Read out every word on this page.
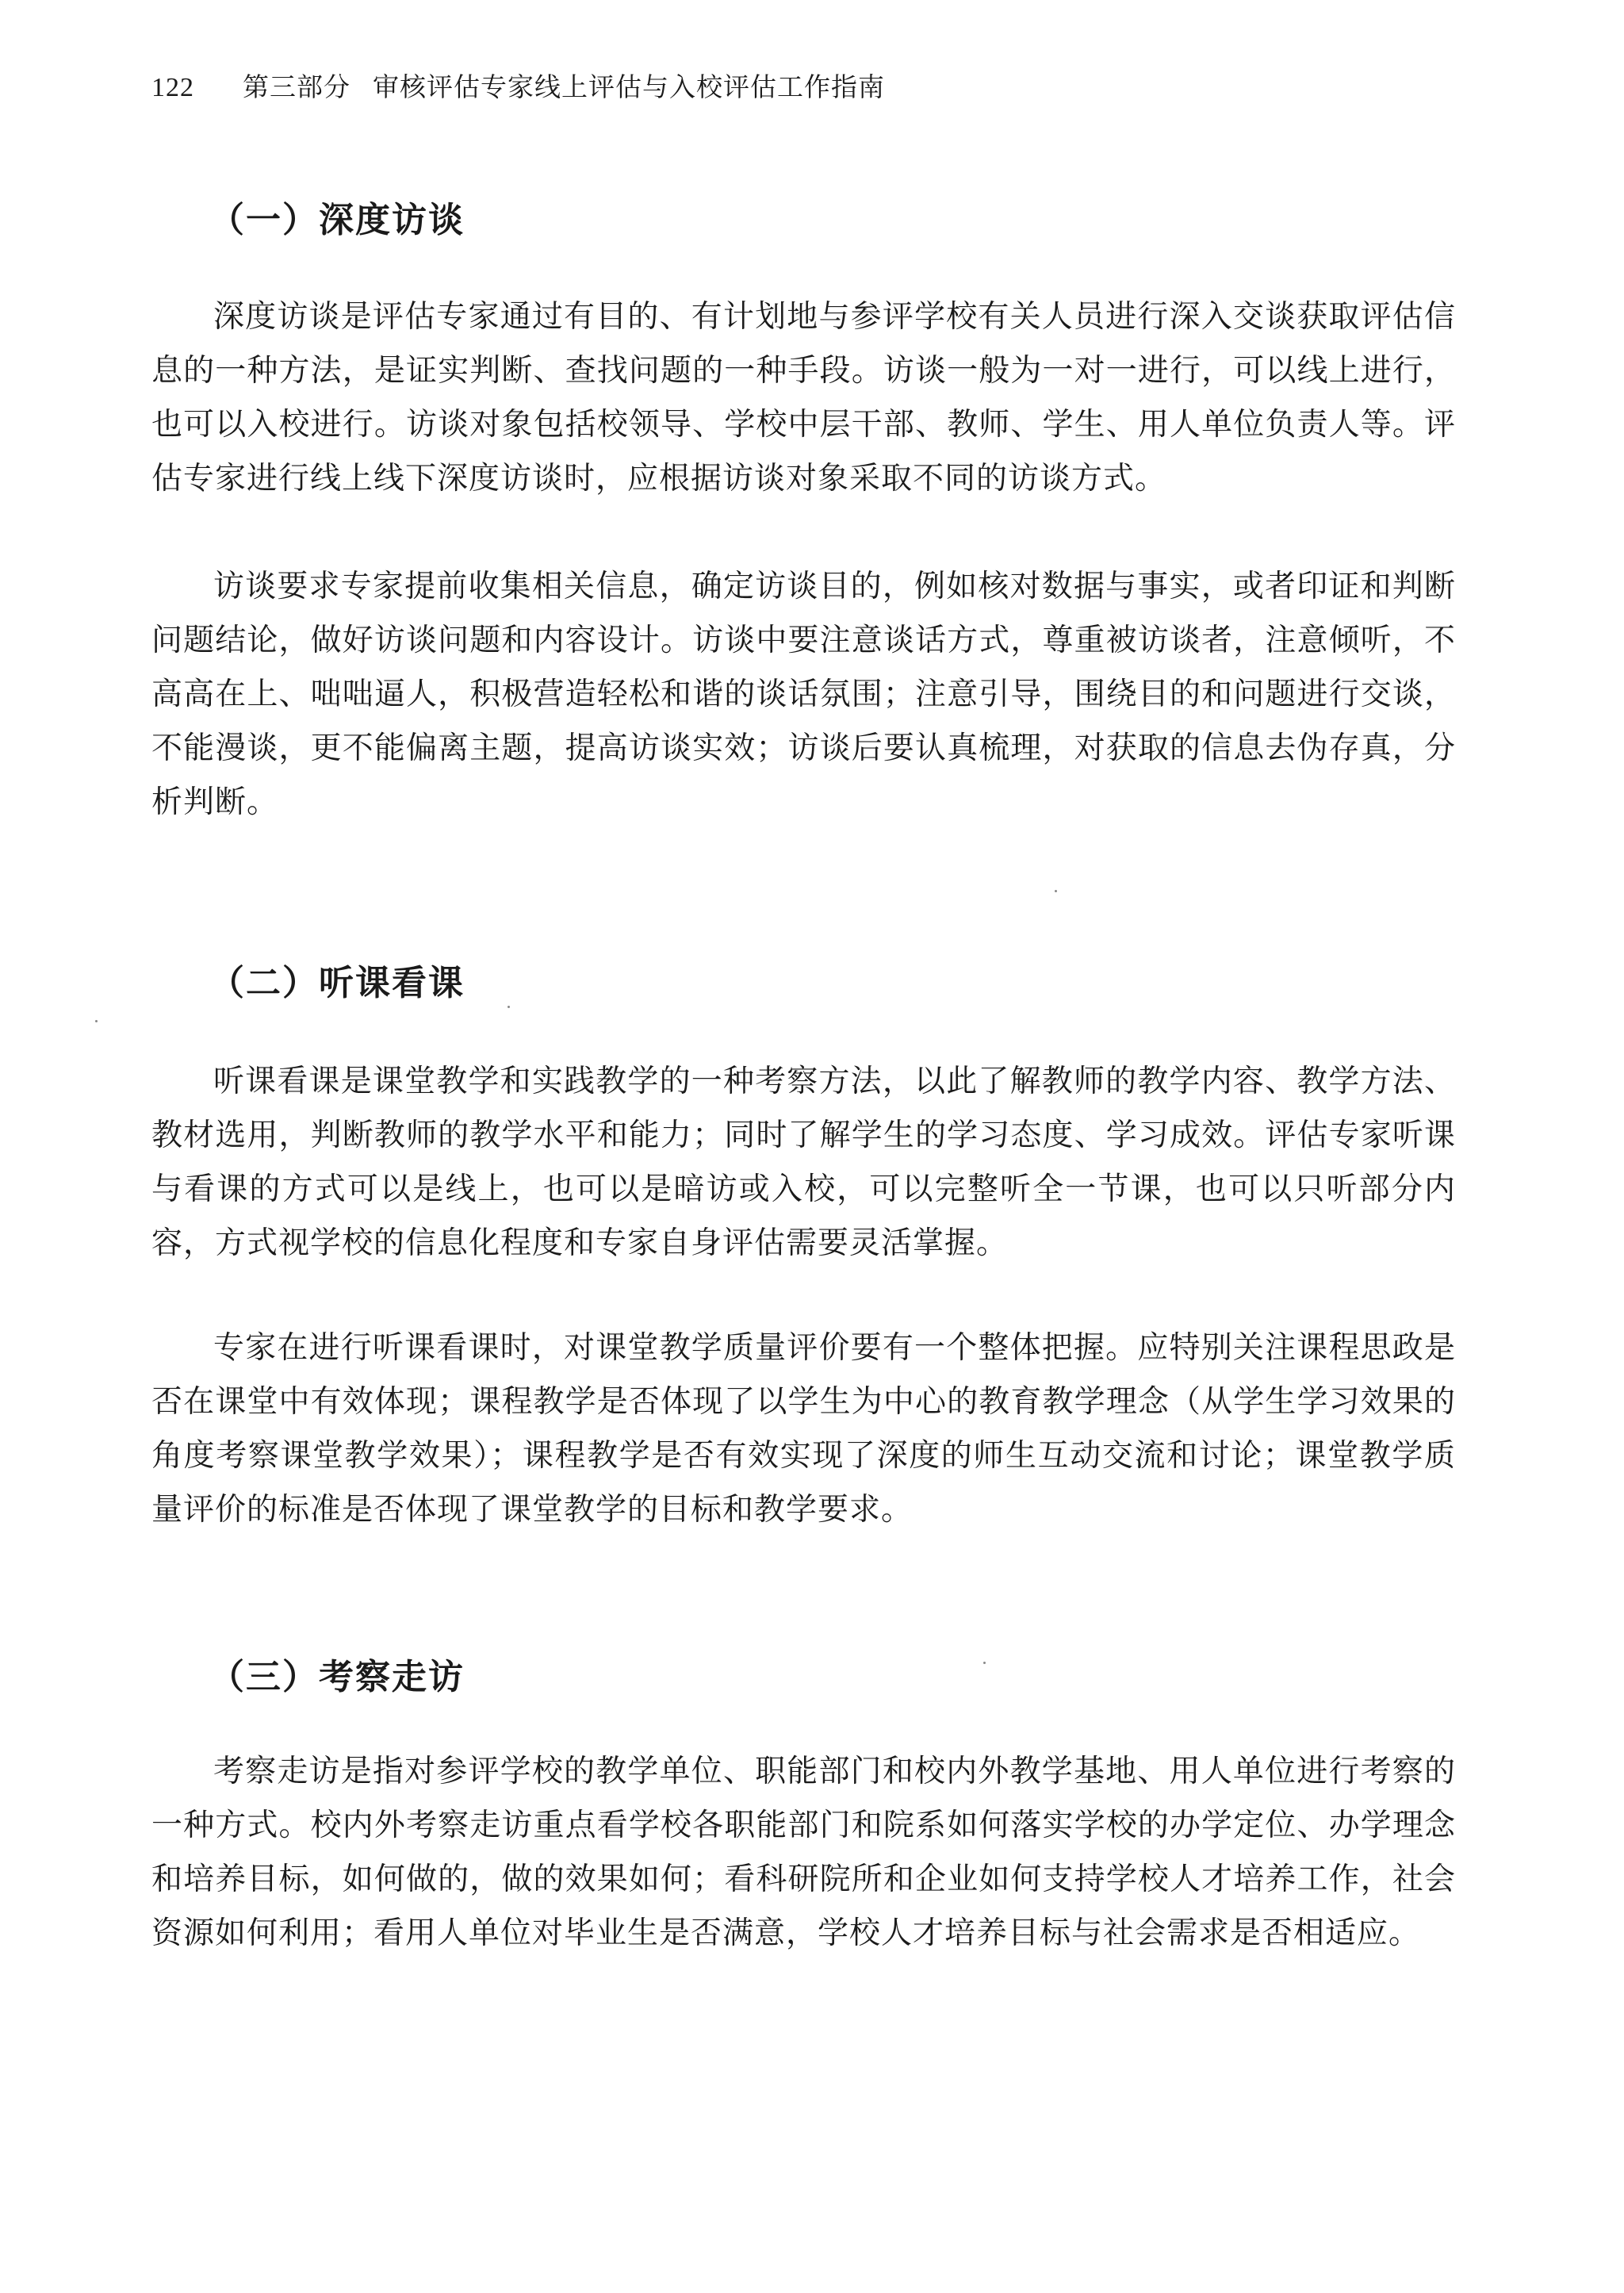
122 第三部分 审核评估专家线上评估与入校评估工作指南
（一）深度访谈

深度访谈是评估专家通过有目的、有计划地与参评学校有关人员进行深入交谈获取评估信息的一种方法，是证实判断、查找问题的一种手段。访谈一般为一对一进行，可以线上进行，也可以入校进行。访谈对象包括校领导、学校中层干部、教师、学生、用人单位负责人等。评估专家进行线上线下深度访谈时，应根据访谈对象采取不同的访谈方式。

访谈要求专家提前收集相关信息，确定访谈目的，例如核对数据与事实，或者印证和判断问题结论，做好访谈问题和内容设计。访谈中要注意谈话方式，尊重被访谈者，注意倾听，不高高在上、咄咄逼人，积极营造轻松和谐的谈话氛围；注意引导，围绕目的和问题进行交谈，不能漫谈，更不能偏离主题，提高访谈实效；访谈后要认真梳理，对获取的信息去伪存真，分析判断。

（二）听课看课

听课看课是课堂教学和实践教学的一种考察方法，以此了解教师的教学内容、教学方法、教材选用，判断教师的教学水平和能力；同时了解学生的学习态度、学习成效。评估专家听课与看课的方式可以是线上，也可以是暗访或入校，可以完整听全一节课，也可以只听部分内容，方式视学校的信息化程度和专家自身评估需要灵活掌握。

专家在进行听课看课时，对课堂教学质量评价要有一个整体把握。应特别关注课程思政是否在课堂中有效体现；课程教学是否体现了以学生为中心的教育教学理念（从学生学习效果的角度考察课堂教学效果）；课程教学是否有效实现了深度的师生互动交流和讨论；课堂教学质量评价的标准是否体现了课堂教学的目标和教学要求。

（三）考察走访

考察走访是指对参评学校的教学单位、职能部门和校内外教学基地、用人单位进行考察的一种方式。校内外考察走访重点看学校各职能部门和院系如何落实学校的办学定位、办学理念和培养目标，如何做的，做的效果如何；看科研院所和企业如何支持学校人才培养工作，社会资源如何利用；看用人单位对毕业生是否满意，学校人才培养目标与社会需求是否相适应。
